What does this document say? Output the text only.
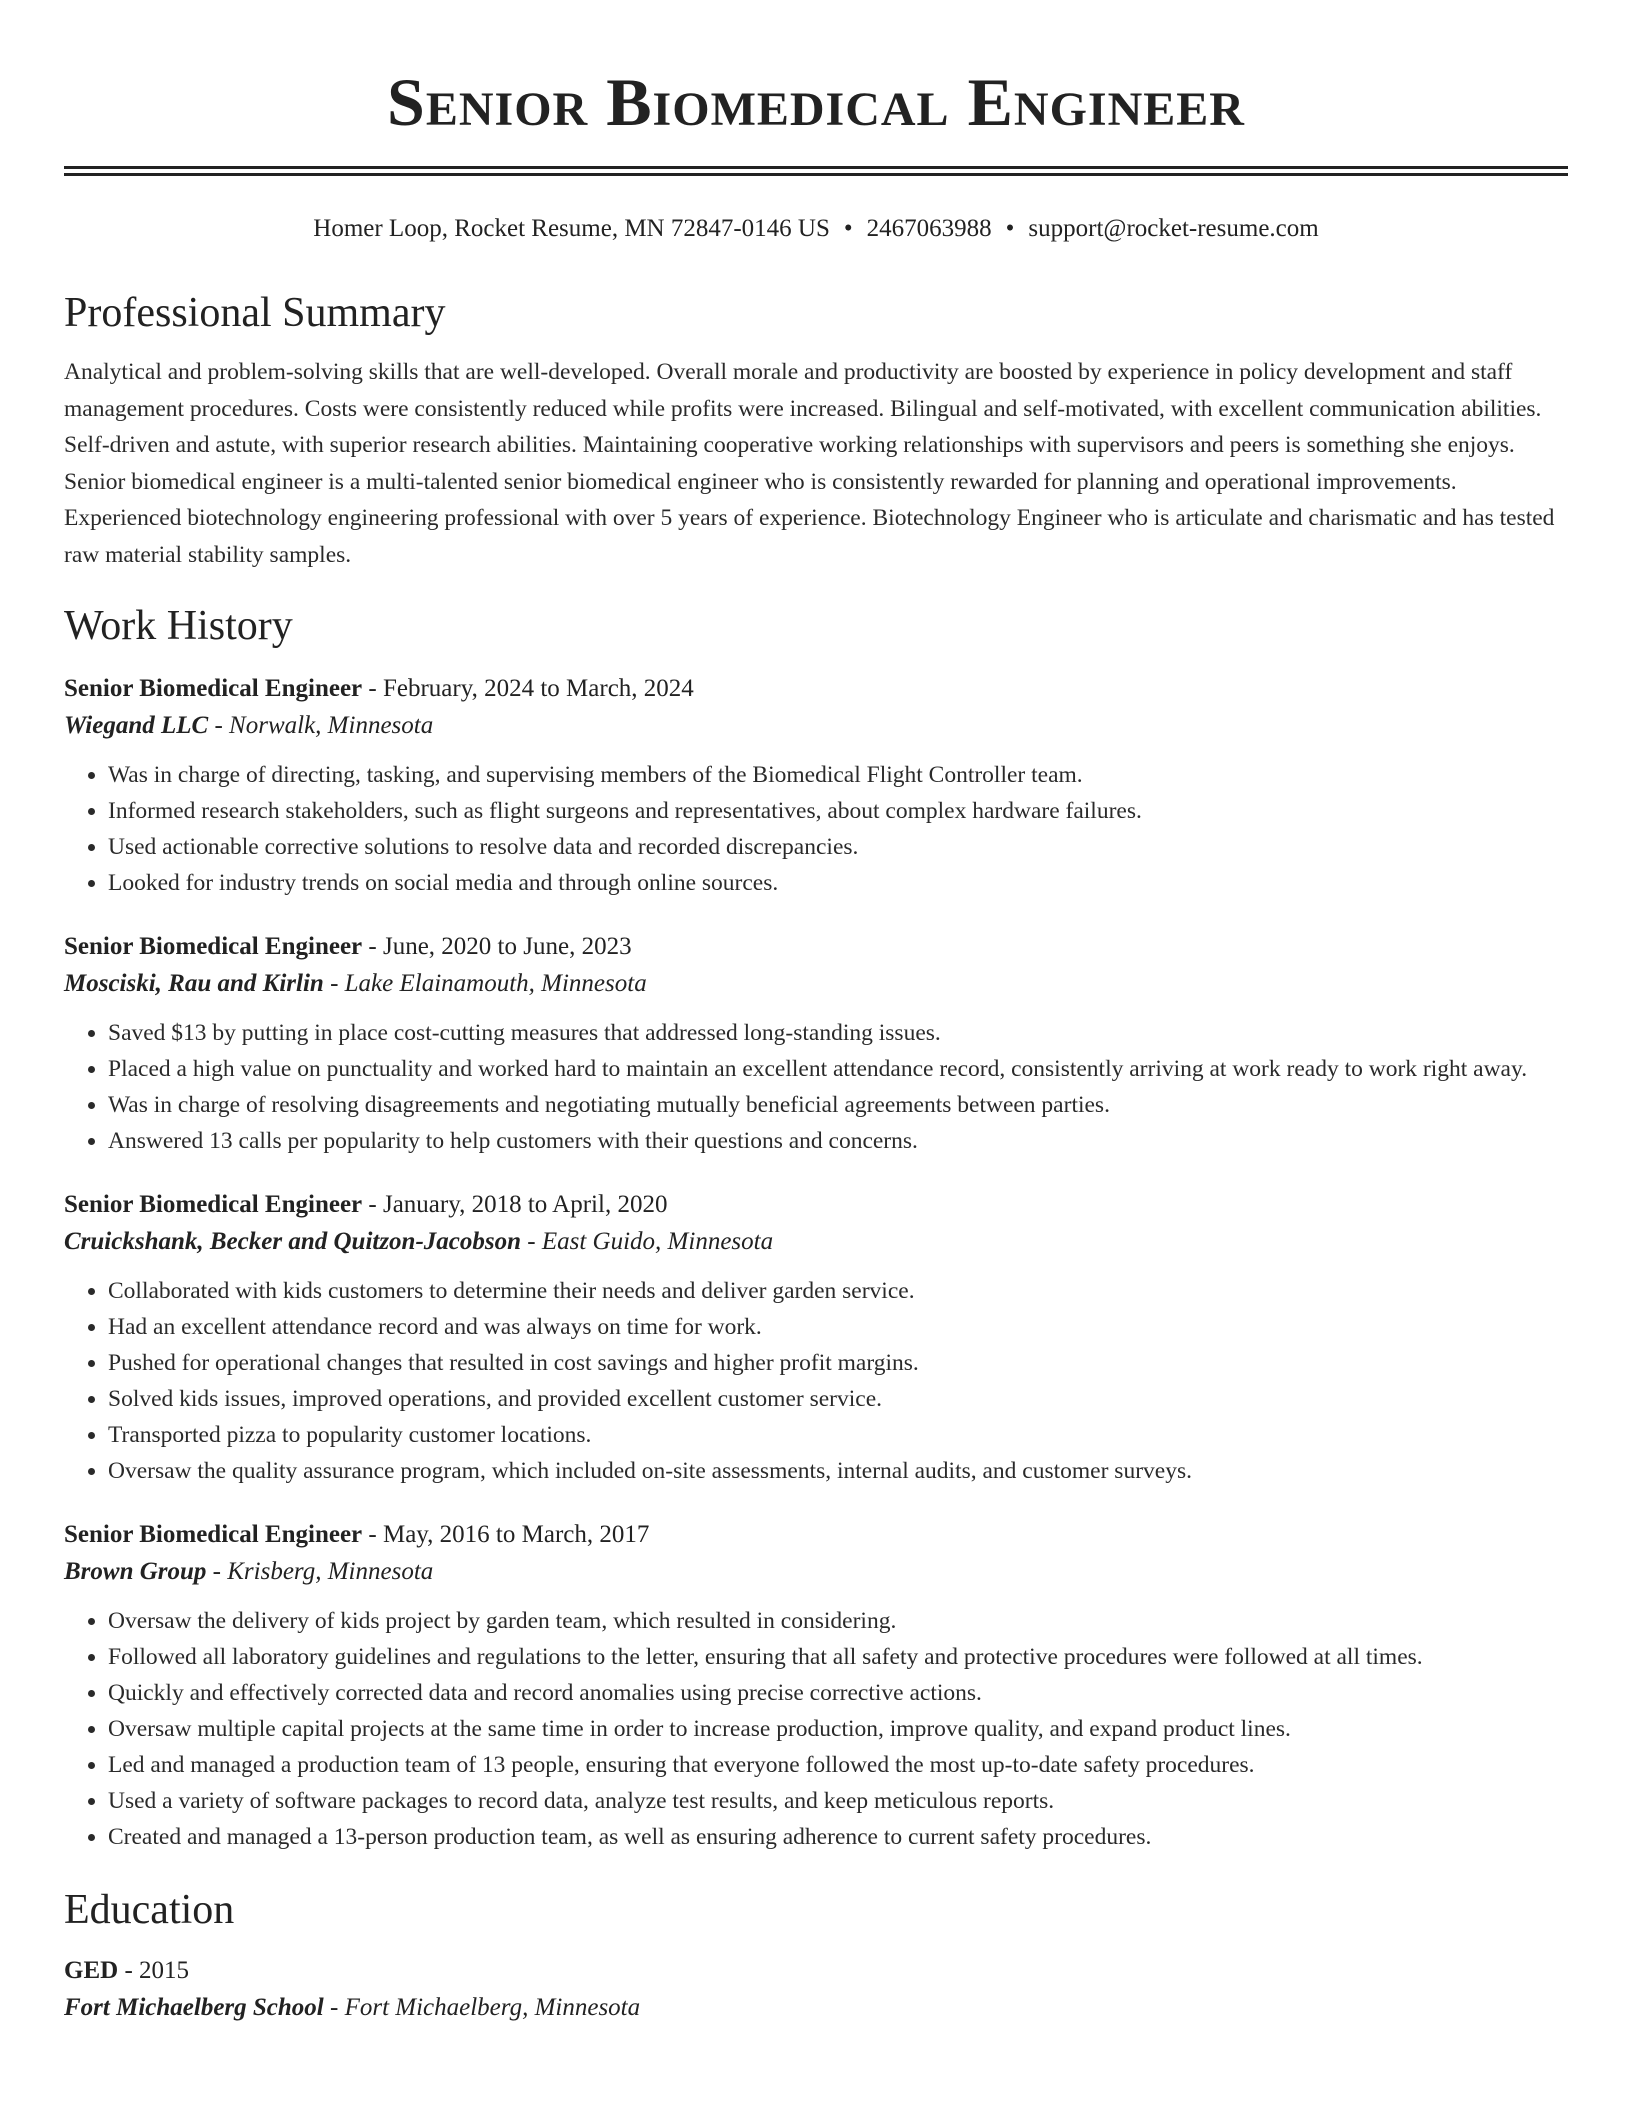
Senior Biomedical Engineer
Homer Loop, Rocket Resume, MN 72847-0146 US • 2467063988 • support@rocket-resume.com
Professional Summary

Analytical and problem-solving skills that are well-developed. Overall morale and productivity are boosted by experience in policy development and staff management procedures. Costs were consistently reduced while profits were increased. Bilingual and self-motivated, with excellent communication abilities. Self-driven and astute, with superior research abilities. Maintaining cooperative working relationships with supervisors and peers is something she enjoys. Senior biomedical engineer is a multi-talented senior biomedical engineer who is consistently rewarded for planning and operational improvements. Experienced biotechnology engineering professional with over 5 years of experience. Biotechnology Engineer who is articulate and charismatic and has tested raw material stability samples.

Work History
Senior Biomedical Engineer - February, 2024 to March, 2024
Wiegand LLC - Norwalk, Minnesota
• Was in charge of directing, tasking, and supervising members of the Biomedical Flight Controller team.
• Informed research stakeholders, such as flight surgeons and representatives, about complex hardware failures.
• Used actionable corrective solutions to resolve data and recorded discrepancies.
• Looked for industry trends on social media and through online sources.
Senior Biomedical Engineer - June, 2020 to June, 2023
Mosciski, Rau and Kirlin - Lake Elainamouth, Minnesota
• Saved $13 by putting in place cost-cutting measures that addressed long-standing issues.
• Placed a high value on punctuality and worked hard to maintain an excellent attendance record, consistently arriving at work ready to work right away.
• Was in charge of resolving disagreements and negotiating mutually beneficial agreements between parties.
• Answered 13 calls per popularity to help customers with their questions and concerns.
Senior Biomedical Engineer - January, 2018 to April, 2020
Cruickshank, Becker and Quitzon-Jacobson - East Guido, Minnesota
• Collaborated with kids customers to determine their needs and deliver garden service.
• Had an excellent attendance record and was always on time for work.
• Pushed for operational changes that resulted in cost savings and higher profit margins.
• Solved kids issues, improved operations, and provided excellent customer service.
• Transported pizza to popularity customer locations.
• Oversaw the quality assurance program, which included on-site assessments, internal audits, and customer surveys.
Senior Biomedical Engineer - May, 2016 to March, 2017
Brown Group - Krisberg, Minnesota
• Oversaw the delivery of kids project by garden team, which resulted in considering.
• Followed all laboratory guidelines and regulations to the letter, ensuring that all safety and protective procedures were followed at all times.
• Quickly and effectively corrected data and record anomalies using precise corrective actions.
• Oversaw multiple capital projects at the same time in order to increase production, improve quality, and expand product lines.
• Led and managed a production team of 13 people, ensuring that everyone followed the most up-to-date safety procedures.
• Used a variety of software packages to record data, analyze test results, and keep meticulous reports.
• Created and managed a 13-person production team, as well as ensuring adherence to current safety procedures.
Education
GED - 2015
Fort Michaelberg School - Fort Michaelberg, Minnesota
